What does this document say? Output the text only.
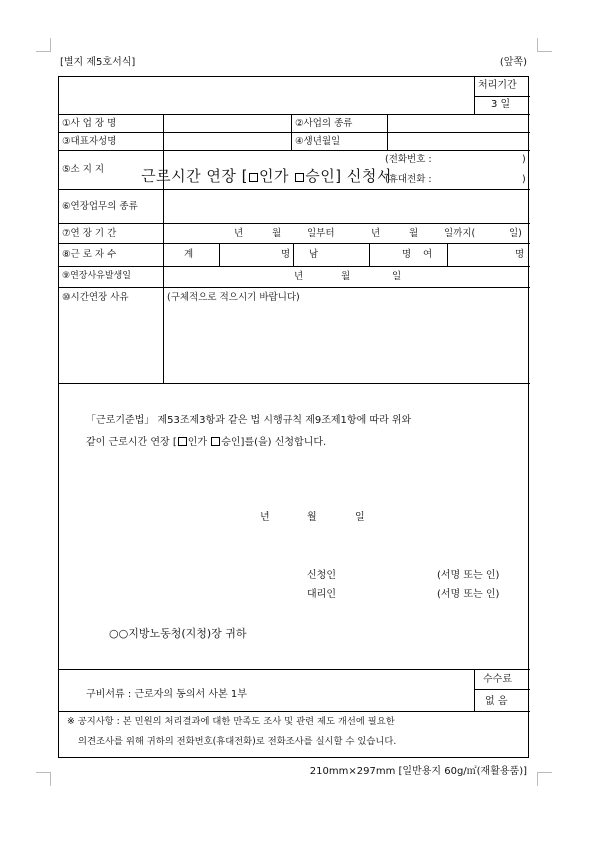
[별지 제5호서식]	(앞쪽)
근로시간 연장 [ 인가 승인] 신청서
처리기간
3 일
①사 업 장 명	②사업의 종류
③대표자성명	④생년월일
⑤소 지 지
(전화번호 :	)
(휴대전화 :	)
⑥연장업무의 종류
⑦연 장 기 간	년	월	일부터	년	월	일까지(	일)
⑧근 로 자 수	계	명 남	명 여	명
⑨연장사유발생일	년	월	일
⑩시간연장 사유	(구체적으로 적으시기 바랍니다)
「근로기준법」 제53조제3항과 같은 법 시행규칙 제9조제1항에 따라 위와
같이 근로시간 연장 [ 인가 승인]를(을) 신청합니다.
년	월	일
신청인	(서명 또는 인)
대리인	(서명 또는 인)
○○지방노동청(지청)장 귀하
구비서류 : 근로자의 동의서 사본 1부
수수료
없 음
※ 공지사항 : 본 민원의 처리결과에 대한 만족도 조사 및 관련 제도 개선에 필요한
의견조사를 위해 귀하의 전화번호(휴대전화)로 전화조사를 실시할 수 있습니다.
210mm×297mm [일반용지 60g/㎡(재활용품)]
